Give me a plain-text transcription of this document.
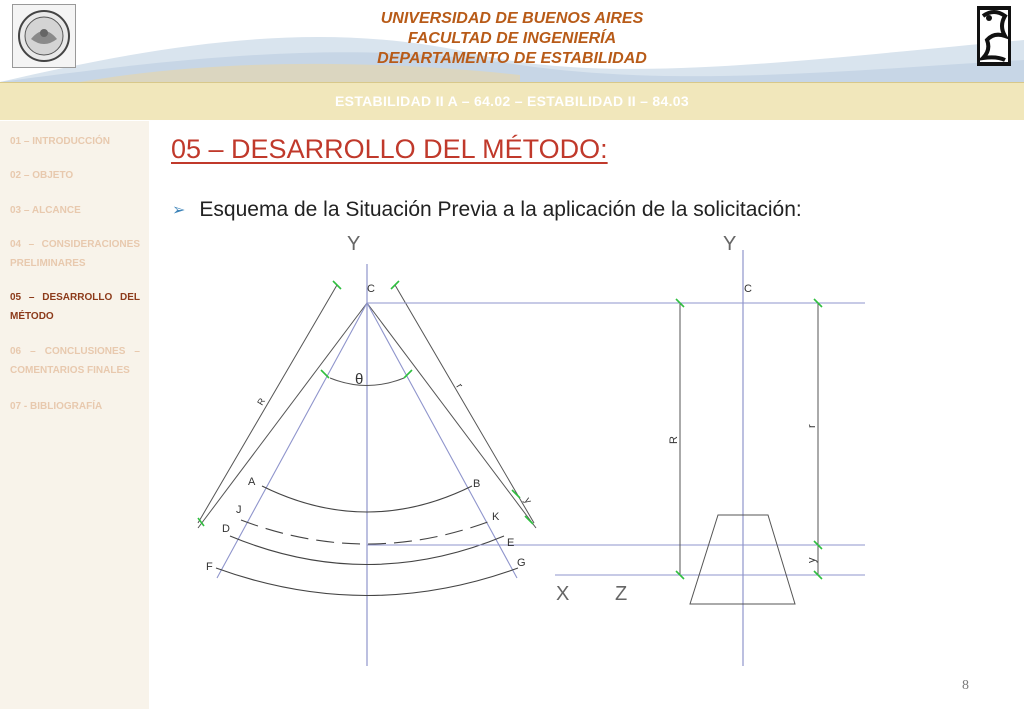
UNIVERSIDAD DE BUENOS AIRES
FACULTAD DE INGENIERÍA
DEPARTAMENTO DE ESTABILIDAD
ESTABILIDAD II A – 64.02 – ESTABILIDAD II – 84.03
01 – INTRODUCCIÓN
02 – OBJETO
03 – ALCANCE
04 – CONSIDERACIONES PRELIMINARES
05 – DESARROLLO DEL MÉTODO
06 – CONCLUSIONES – COMENTARIOS FINALES
07 - BIBLIOGRAFÍA
05 – DESARROLLO DEL MÉTODO:
➢ Esquema de la Situación Previa a la aplicación de la solicitación:
Y
X
C
θ
R
r
y
A	B
J
K
D
E
F	G
Y
Z
C
R
r
y
8
